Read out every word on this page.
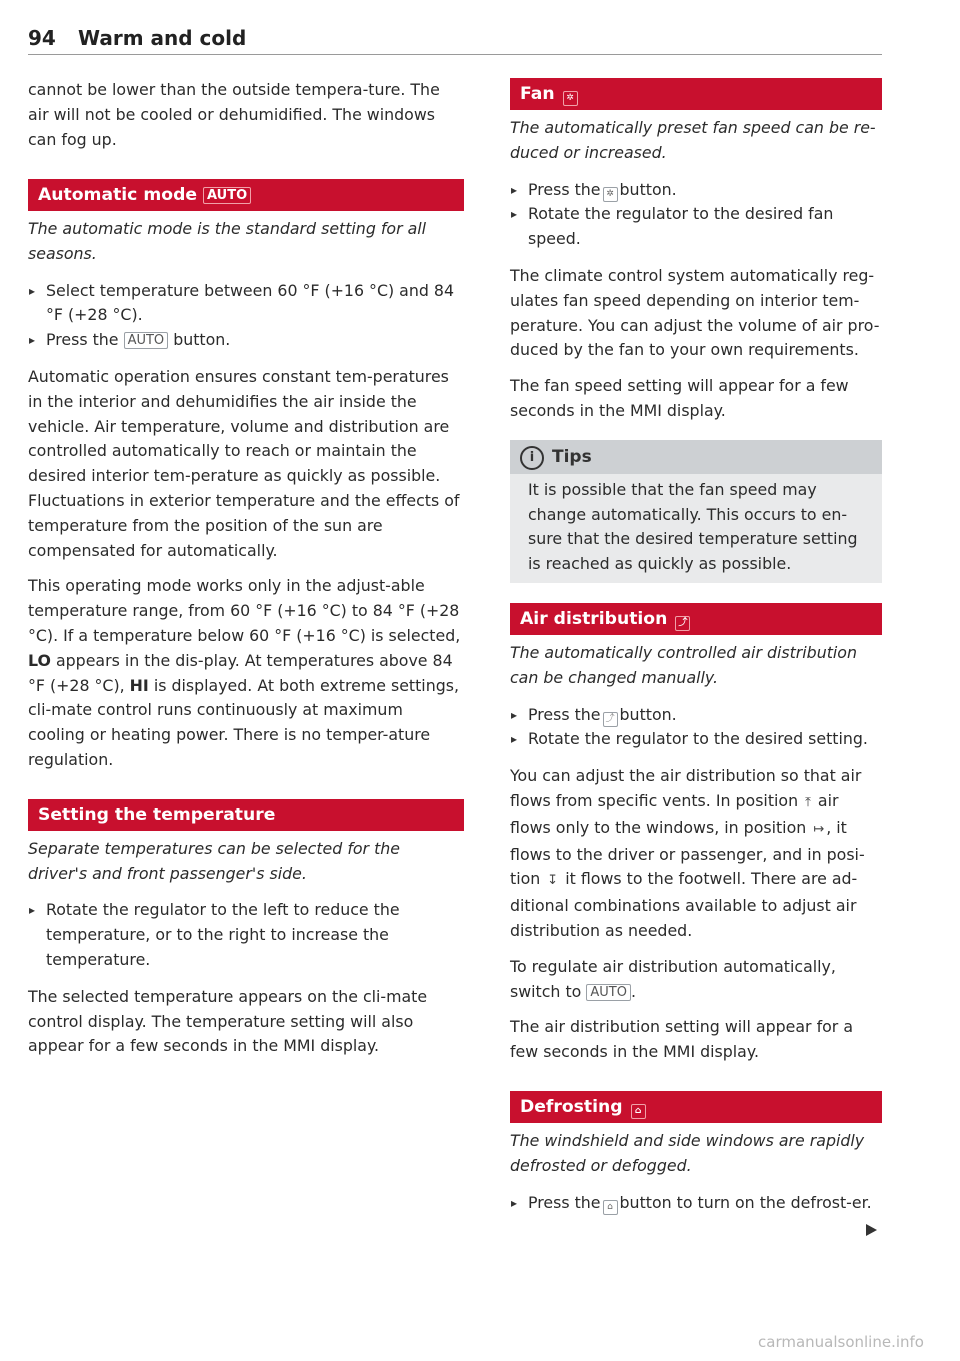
94 Warm and cold

cannot be lower than the outside tempera-ture. The air will not be cooled or dehumidified. The windows can fog up.

Automatic mode AUTO

The automatic mode is the standard setting for all seasons.

▸ Select temperature between 60 °F (+16 °C) and 84 °F (+28 °C).
▸ Press the AUTO button.

Automatic operation ensures constant tem-peratures in the interior and dehumidifies the air inside the vehicle. Air temperature, volume and distribution are controlled automatically to reach or maintain the desired interior tem-perature as quickly as possible. Fluctuations in exterior temperature and the effects of temperature from the position of the sun are compensated for automatically.

This operating mode works only in the adjust-able temperature range, from 60 °F (+16 °C) to 84 °F (+28 °C). If a temperature below 60 °F (+16 °C) is selected, LO appears in the dis-play. At temperatures above 84 °F (+28 °C), HI is displayed. At both extreme settings, cli-mate control runs continuously at maximum cooling or heating power. There is no temper-ature regulation.

Setting the temperature

Separate temperatures can be selected for the driver's and front passenger's side.

▸ Rotate the regulator to the left to reduce the temperature, or to the right to increase the temperature.

The selected temperature appears on the cli-mate control display. The temperature setting will also appear for a few seconds in the MMI display.

Fan ✲

The automatically preset fan speed can be re-duced or increased.

▸ Press the ✲ button.
▸ Rotate the regulator to the desired fan speed.

The climate control system automatically reg-ulates fan speed depending on interior tem-perature. You can adjust the volume of air pro-duced by the fan to your own requirements.

The fan speed setting will appear for a few seconds in the MMI display.

i Tips

It is possible that the fan speed may change automatically. This occurs to en-sure that the desired temperature setting is reached as quickly as possible.

Air distribution ⤴

The automatically controlled air distribution can be changed manually.

▸ Press the ⤴ button.
▸ Rotate the regulator to the desired setting.

You can adjust the air distribution so that air flows from specific vents. In position ⤒ air flows only to the windows, in position ↦ , it flows to the driver or passenger, and in posi-tion ↧ it flows to the footwell. There are ad-ditional combinations available to adjust air distribution as needed.

To regulate air distribution automatically, switch to AUTO .

The air distribution setting will appear for a few seconds in the MMI display.

Defrosting ⌂

The windshield and side windows are rapidly defrosted or defogged.

▸ Press the ⌂ button to turn on the defrost-er.
carmanualsonline.info
